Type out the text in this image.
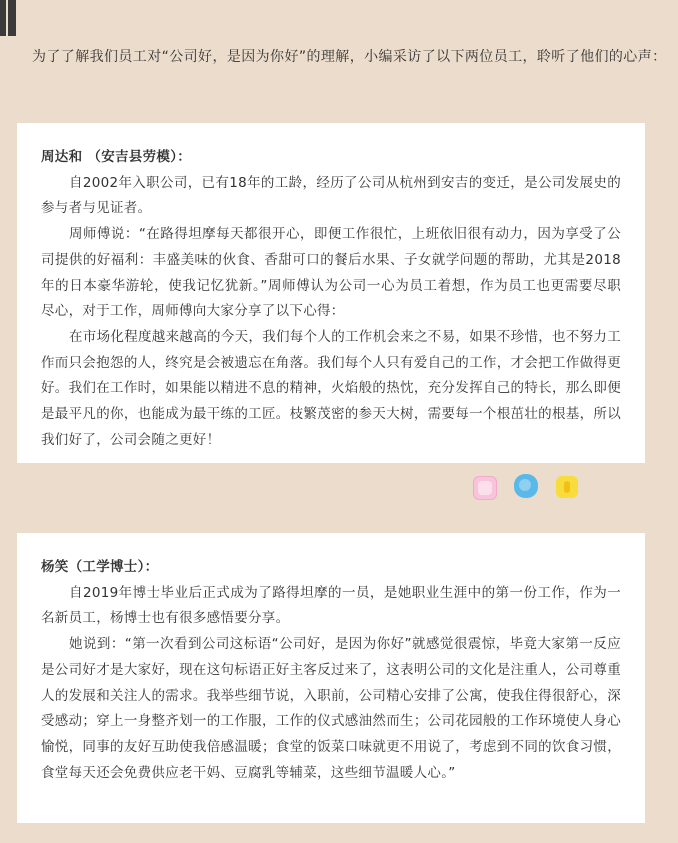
为了了解我们员工对“公司好，是因为你好”的理解，小编采访了以下两位员工，聆听了他们的心声：

周达和 （安吉县劳模）：

自2002年入职公司，已有18年的工龄，经历了公司从杭州到安吉的变迁，是公司发展史的参与者与见证者。

周师傅说：“在路得坦摩每天都很开心，即便工作很忙，上班依旧很有动力，因为享受了公司提供的好福利：丰盛美味的伙食、香甜可口的餐后水果、子女就学问题的帮助，尤其是2018年的日本豪华游轮，使我记忆犹新。”周师傅认为公司一心为员工着想，作为员工也更需要尽职尽心，对于工作，周师傅向大家分享了以下心得：

在市场化程度越来越高的今天，我们每个人的工作机会来之不易，如果不珍惜，也不努力工作而只会抱怨的人，终究是会被遗忘在角落。我们每个人只有爱自己的工作，才会把工作做得更好。我们在工作时，如果能以精进不息的精神，火焰般的热忱，充分发挥自己的特长，那么即便是最平凡的你，也能成为最干练的工匠。枝繁茂密的参天大树，需要每一个根茁壮的根基，所以我们好了，公司会随之更好！

杨笑（工学博士）：

自2019年博士毕业后正式成为了路得坦摩的一员，是她职业生涯中的第一份工作，作为一名新员工，杨博士也有很多感悟要分享。

她说到：“第一次看到公司这标语“公司好，是因为你好”就感觉很震惊，毕竟大家第一反应是公司好才是大家好，现在这句标语正好主客反过来了，这表明公司的文化是注重人，公司尊重人的发展和关注人的需求。我举些细节说，入职前，公司精心安排了公寓，使我住得很舒心，深受感动；穿上一身整齐划一的工作服，工作的仪式感油然而生；公司花园般的工作环境使人身心愉悦，同事的友好互助使我倍感温暖；食堂的饭菜口味就更不用说了，考虑到不同的饮食习惯，食堂每天还会免费供应老干妈、豆腐乳等辅菜，这些细节温暖人心。”
